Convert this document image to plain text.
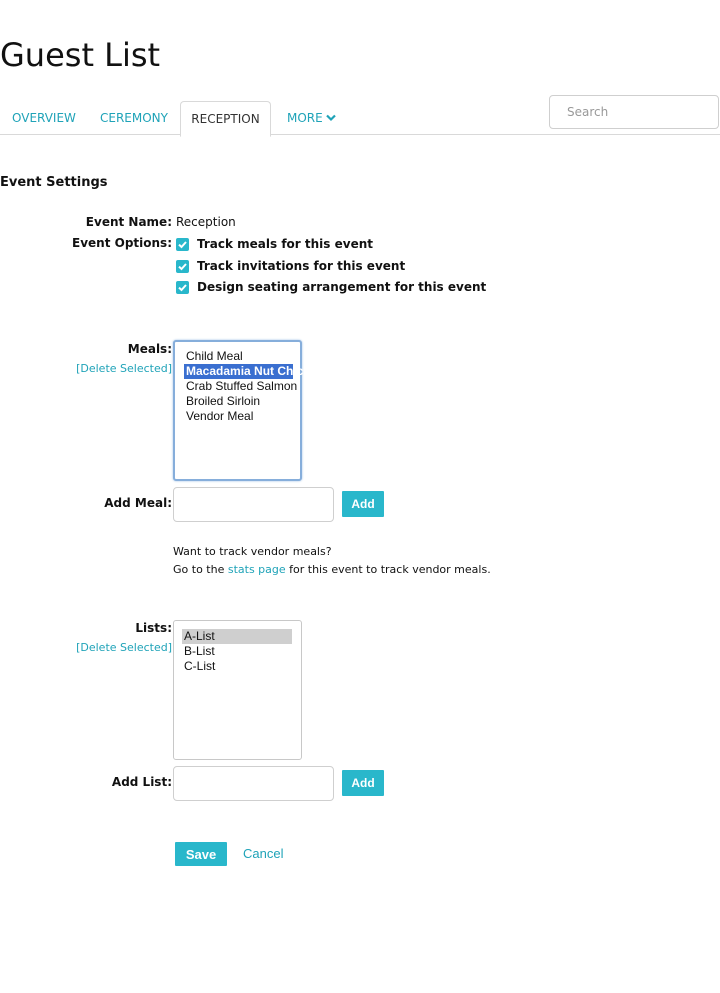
Guest List
OVERVIEW CEREMONY	RECEPTION	MORE
Search
Event Settings
Event Name: Reception
Event Options: Track meals for this event
Track invitations for this event
Design seating arrangement for this event
Meals:
[Delete Selected]
Child Meal
Macadamia Nut Chicken
Crab Stuffed Salmon
Broiled Sirloin
Vendor Meal
Add Meal:	Add
Want to track vendor meals?
Go to the stats page for this event to track vendor meals.
Lists:
[Delete Selected]
A-List
B-List
C-List
Add List:	Add
Save	Cancel
